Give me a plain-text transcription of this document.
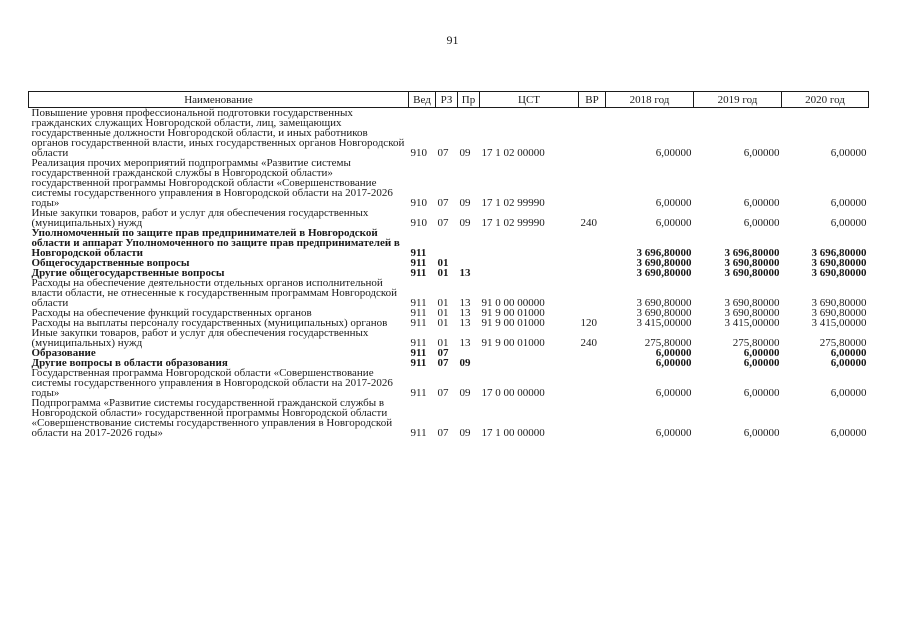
91
Наименование	Вед	РЗ	Пр	ЦСТ	ВР	2018 год	2019 год	2020 год
Повышение уровня профессиональной подготовки государственных гражданских служащих Новгородской области, лиц, замещающих государственные должности Новгородской области, и иных работников органов государственной власти, иных государственных органов Новгородской области	910	07	09	17 1 02 00000		6,00000	6,00000	6,00000
Реализация прочих мероприятий подпрограммы «Развитие системы государственной гражданской службы в Новгородской области» государственной программы Новгородской области «Совершенствование системы государственного управления в Новгородской области на 2017-2026 годы»	910	07	09	17 1 02 99990		6,00000	6,00000	6,00000
Иные закупки товаров, работ и услуг для обеспечения государственных (муниципальных) нужд	910	07	09	17 1 02 99990	240	6,00000	6,00000	6,00000
Уполномоченный по защите прав предпринимателей в Новгородской области и аппарат Уполномоченного по защите прав предпринимателей в Новгородской области	911					3 696,80000	3 696,80000	3 696,80000
Общегосударственные вопросы	911	01				3 690,80000	3 690,80000	3 690,80000
Другие общегосударственные вопросы	911	01	13			3 690,80000	3 690,80000	3 690,80000
Расходы на обеспечение деятельности отдельных органов исполнительной власти области, не отнесенные к государственным программам Новгородской области	911	01	13	91 0 00 00000		3 690,80000	3 690,80000	3 690,80000
Расходы на обеспечение функций государственных органов	911	01	13	91 9 00 01000		3 690,80000	3 690,80000	3 690,80000
Расходы на выплаты персоналу государственных (муниципальных) органов	911	01	13	91 9 00 01000	120	3 415,00000	3 415,00000	3 415,00000
Иные закупки товаров, работ и услуг для обеспечения государственных (муниципальных) нужд	911	01	13	91 9 00 01000	240	275,80000	275,80000	275,80000
Образование	911	07				6,00000	6,00000	6,00000
Другие вопросы в области образования	911	07	09			6,00000	6,00000	6,00000
Государственная программа Новгородской области «Совершенствование системы государственного управления в Новгородской области на 2017-2026 годы»	911	07	09	17 0 00 00000		6,00000	6,00000	6,00000
Подпрограмма «Развитие системы государственной гражданской службы в Новгородской области» государственной программы Новгородской области «Совершенствование системы государственного управления в Новгородской области на 2017-2026 годы»	911	07	09	17 1 00 00000		6,00000	6,00000	6,00000
